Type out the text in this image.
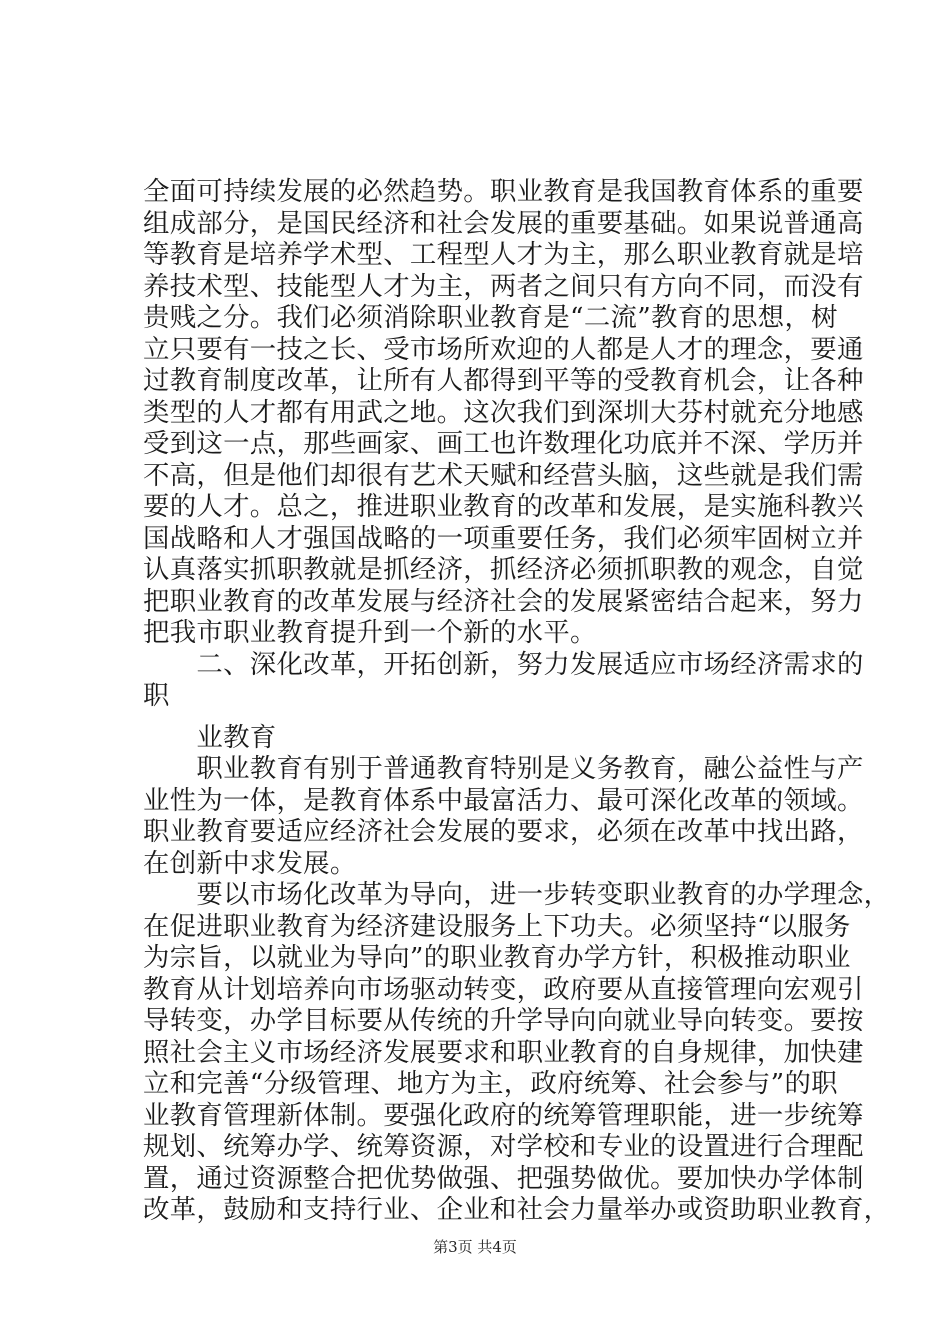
全面可持续发展的必然趋势。职业教育是我国教育体系的重要
组成部分，是国民经济和社会发展的重要基础。如果说普通高
等教育是培养学术型、工程型人才为主，那么职业教育就是培
养技术型、技能型人才为主，两者之间只有方向不同，而没有
贵贱之分。我们必须消除职业教育是“二流”教育的思想，树
立只要有一技之长、受市场所欢迎的人都是人才的理念，要通
过教育制度改革，让所有人都得到平等的受教育机会，让各种
类型的人才都有用武之地。这次我们到深圳大芬村就充分地感
受到这一点，那些画家、画工也许数理化功底并不深、学历并
不高，但是他们却很有艺术天赋和经营头脑，这些就是我们需
要的人才。总之，推进职业教育的改革和发展，是实施科教兴
国战略和人才强国战略的一项重要任务，我们必须牢固树立并
认真落实抓职教就是抓经济，抓经济必须抓职教的观念，自觉
把职业教育的改革发展与经济社会的发展紧密结合起来，努力
把我市职业教育提升到一个新的水平。
　　二、深化改革，开拓创新，努力发展适应市场经济需求的
职
　　业教育
　　职业教育有别于普通教育特别是义务教育，融公益性与产
业性为一体，是教育体系中最富活力、最可深化改革的领域。
职业教育要适应经济社会发展的要求，必须在改革中找出路，
在创新中求发展。
　　要以市场化改革为导向，进一步转变职业教育的办学理念，
在促进职业教育为经济建设服务上下功夫。必须坚持“以服务
为宗旨，以就业为导向”的职业教育办学方针，积极推动职业
教育从计划培养向市场驱动转变，政府要从直接管理向宏观引
导转变，办学目标要从传统的升学导向向就业导向转变。要按
照社会主义市场经济发展要求和职业教育的自身规律，加快建
立和完善“分级管理、地方为主，政府统筹、社会参与”的职
业教育管理新体制。要强化政府的统筹管理职能，进一步统筹
规划、统筹办学、统筹资源，对学校和专业的设置进行合理配
置，通过资源整合把优势做强、把强势做优。要加快办学体制
改革，鼓励和支持行业、企业和社会力量举办或资助职业教育，
第3页 共4页
